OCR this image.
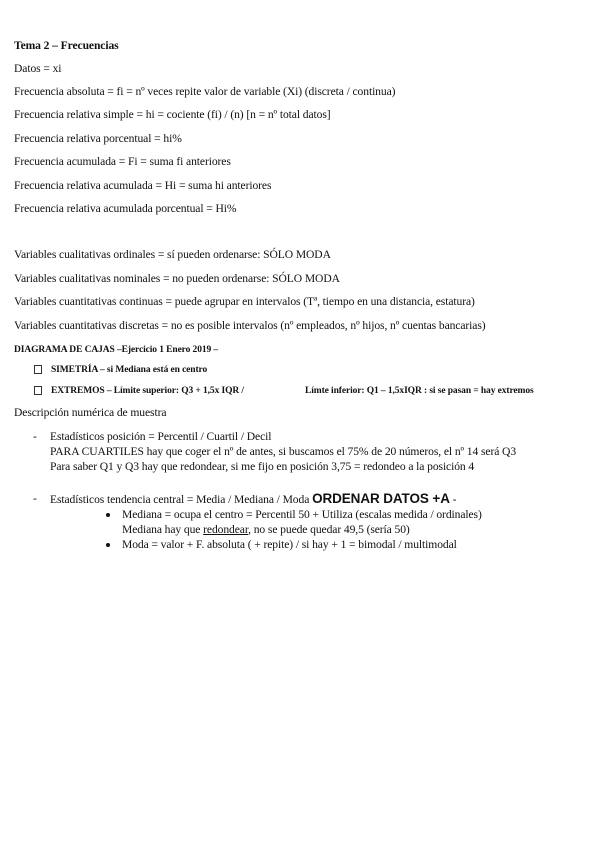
Tema 2 – Frecuencias
Datos = xi
Frecuencia absoluta = fi = nº veces repite valor de variable (Xi) (discreta / continua)
Frecuencia relativa simple = hi = cociente (fi) / (n) [n = nº total datos]
Frecuencia relativa porcentual = hi%
Frecuencia acumulada = Fi = suma fi anteriores
Frecuencia relativa acumulada = Hi = suma hi anteriores
Frecuencia relativa acumulada porcentual = Hi%
Variables cualitativas ordinales = sí pueden ordenarse: SÓLO MODA
Variables cualitativas nominales = no pueden ordenarse: SÓLO MODA
Variables cuantitativas continuas = puede agrupar en intervalos (Tª, tiempo en una distancia, estatura)
Variables cuantitativas discretas = no es posible intervalos (nº empleados, nº hijos, nº cuentas bancarias)
DIAGRAMA DE CAJAS –Ejercicio 1 Enero 2019 –
SIMETRÍA – si Mediana está en centro
EXTREMOS – Límite superior: Q3 + 1,5x IQR /	Límte inferior: Q1 – 1,5xIQR : si se pasan = hay extremos
Descripción numérica de muestra
- Estadísticos posición = Percentil / Cuartil / Decil
PARA CUARTILES hay que coger el nº de antes, si buscamos el 75% de 20 números, el nº 14 será Q3
Para saber Q1 y Q3 hay que redondear, si me fijo en posición 3,75 = redondeo a la posición 4
- Estadísticos tendencia central = Media / Mediana / Moda ORDENAR DATOS +A -
Mediana = ocupa el centro = Percentil 50 + Utiliza (escalas medida / ordinales)
Mediana hay que redondear, no se puede quedar 49,5 (sería 50)
Moda = valor + F. absoluta ( + repite) / si hay + 1 = bimodal / multimodal
